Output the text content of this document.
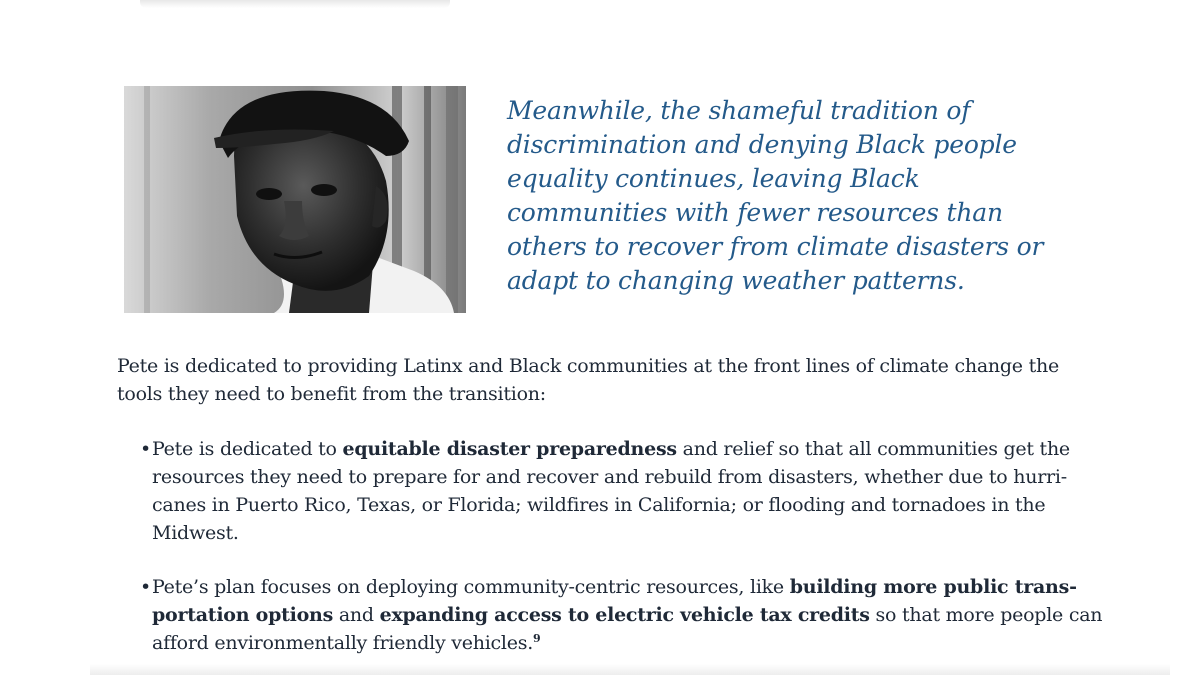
Meanwhile, the shameful tradition of
discrimination and denying Black people
equality continues, leaving Black
communities with fewer resources than
others to recover from climate disasters or
adapt to changing weather patterns.

Pete is dedicated to providing Latinx and Black communities at the front lines of climate change the
tools they need to benefit from the transition:

• Pete is dedicated to equitable disaster preparedness and relief so that all communities get the
resources they need to prepare for and recover and rebuild from disasters, whether due to hurri-
canes in Puerto Rico, Texas, or Florida; wildfires in California; or flooding and tornadoes in the
Midwest.
• Pete’s plan focuses on deploying community-centric resources, like building more public trans-
portation options and expanding access to electric vehicle tax credits so that more people can
afford environmentally friendly vehicles.$^9$
